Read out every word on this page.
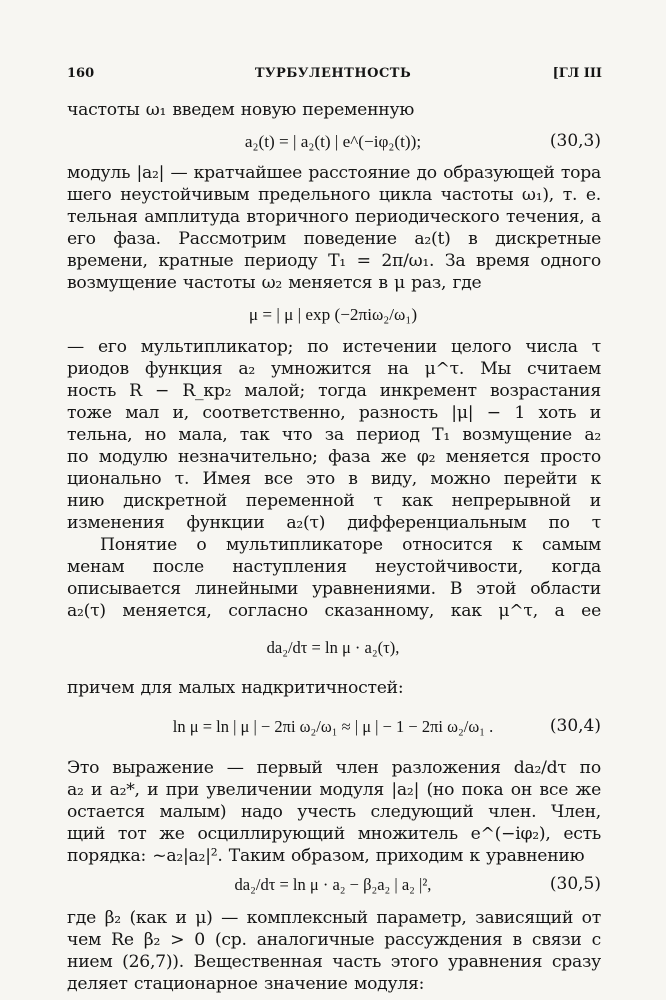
160	ТУРБУЛЕНТНОСТЬ	[ГЛ III
частоты ω₁ введем новую переменную
a₂(t) = | a₂(t) | e^(−iφ₂(t));	(30,3)
модуль |a₂| — кратчайшее расстояние до образующей тора
шего неустойчивым предельного цикла частоты ω₁), т. е.
тельная амплитуда вторичного периодического течения, а
его фаза. Рассмотрим поведение a₂(t) в дискретные
времени, кратные периоду T₁ = 2π/ω₁. За время одного
возмущение частоты ω₂ меняется в μ раз, где
μ = | μ | exp (−2πiω₂/ω₁)
— его мультипликатор; по истечении целого числа τ
риодов функция a₂ умножится на μ^τ. Мы считаем
ность R − R_кр₂ малой; тогда инкремент возрастания
тоже мал и, соответственно, разность |μ| − 1 хоть и
тельна, но мала, так что за период T₁ возмущение a₂
по модулю незначительно; фаза же φ₂ меняется просто
ционально τ. Имея все это в виду, можно перейти к
нию дискретной переменной τ как непрерывной и
изменения функции a₂(τ) дифференциальным по τ
Понятие о мультипликаторе относится к самым
менам после наступления неустойчивости, когда
описывается линейными уравнениями. В этой области
a₂(τ) меняется, согласно сказанному, как μ^τ, а ее
da₂/dτ = ln μ · a₂(τ),
причем для малых надкритичностей:
ln μ = ln | μ | − 2πi ω₂/ω₁ ≈ | μ | − 1 − 2πi ω₂/ω₁ .	(30,4)
Это выражение — первый член разложения da₂/dτ по
a₂ и a₂*, и при увеличении модуля |a₂| (но пока он все же
остается малым) надо учесть следующий член. Член,
щий тот же осциллирующий множитель e^(−iφ₂), есть
порядка: ~a₂|a₂|². Таким образом, приходим к уравнению
da₂/dτ = ln μ · a₂ − β₂a₂ | a₂ |²,	(30,5)
где β₂ (как и μ) — комплексный параметр, зависящий от
чем Re β₂ > 0 (ср. аналогичные рассуждения в связи с
нием (26,7)). Вещественная часть этого уравнения сразу
деляет стационарное значение модуля:
